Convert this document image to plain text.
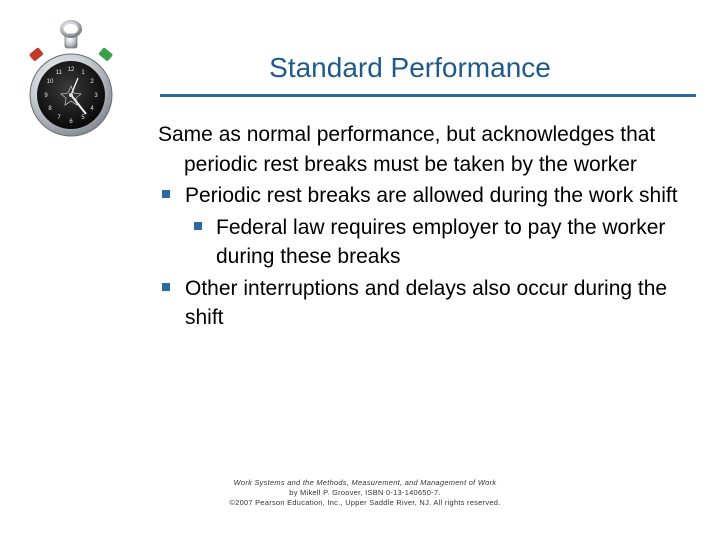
12 1
2
3
4
5
6
7
8
9
10
11	Standard Performance
Same as normal performance, but acknowledges that periodic rest breaks must be taken by the worker
Periodic rest breaks are allowed during the work shift
Federal law requires employer to pay the worker during these breaks
Other interruptions and delays also occur during the shift
Work Systems and the Methods, Measurement, and Management of Work
by Mikell P. Groover, ISBN 0-13-140650-7.
©2007 Pearson Education, Inc., Upper Saddle River, NJ. All rights reserved.
